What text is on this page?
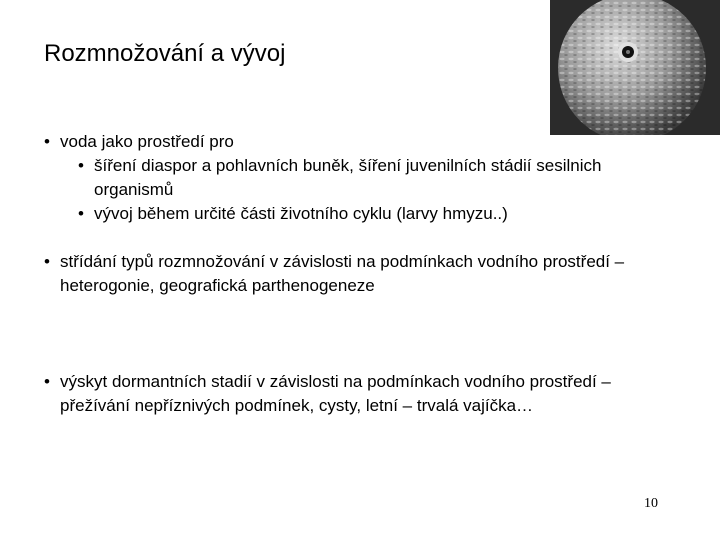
Rozmnožování a vývoj
• voda jako prostředí pro
• šíření diaspor a pohlavních buněk, šíření juvenilních stádií sesilnich organismů
• vývoj během určité části životního cyklu (larvy hmyzu..)
• střídání typů rozmnožování v závislosti na podmínkach vodního prostředí – heterogonie, geografická parthenogeneze
• výskyt dormantních stadií v závislosti na podmínkach vodního prostředí – přežívání nepříznivých podmínek, cysty, letní – trvalá vajíčka…
10
